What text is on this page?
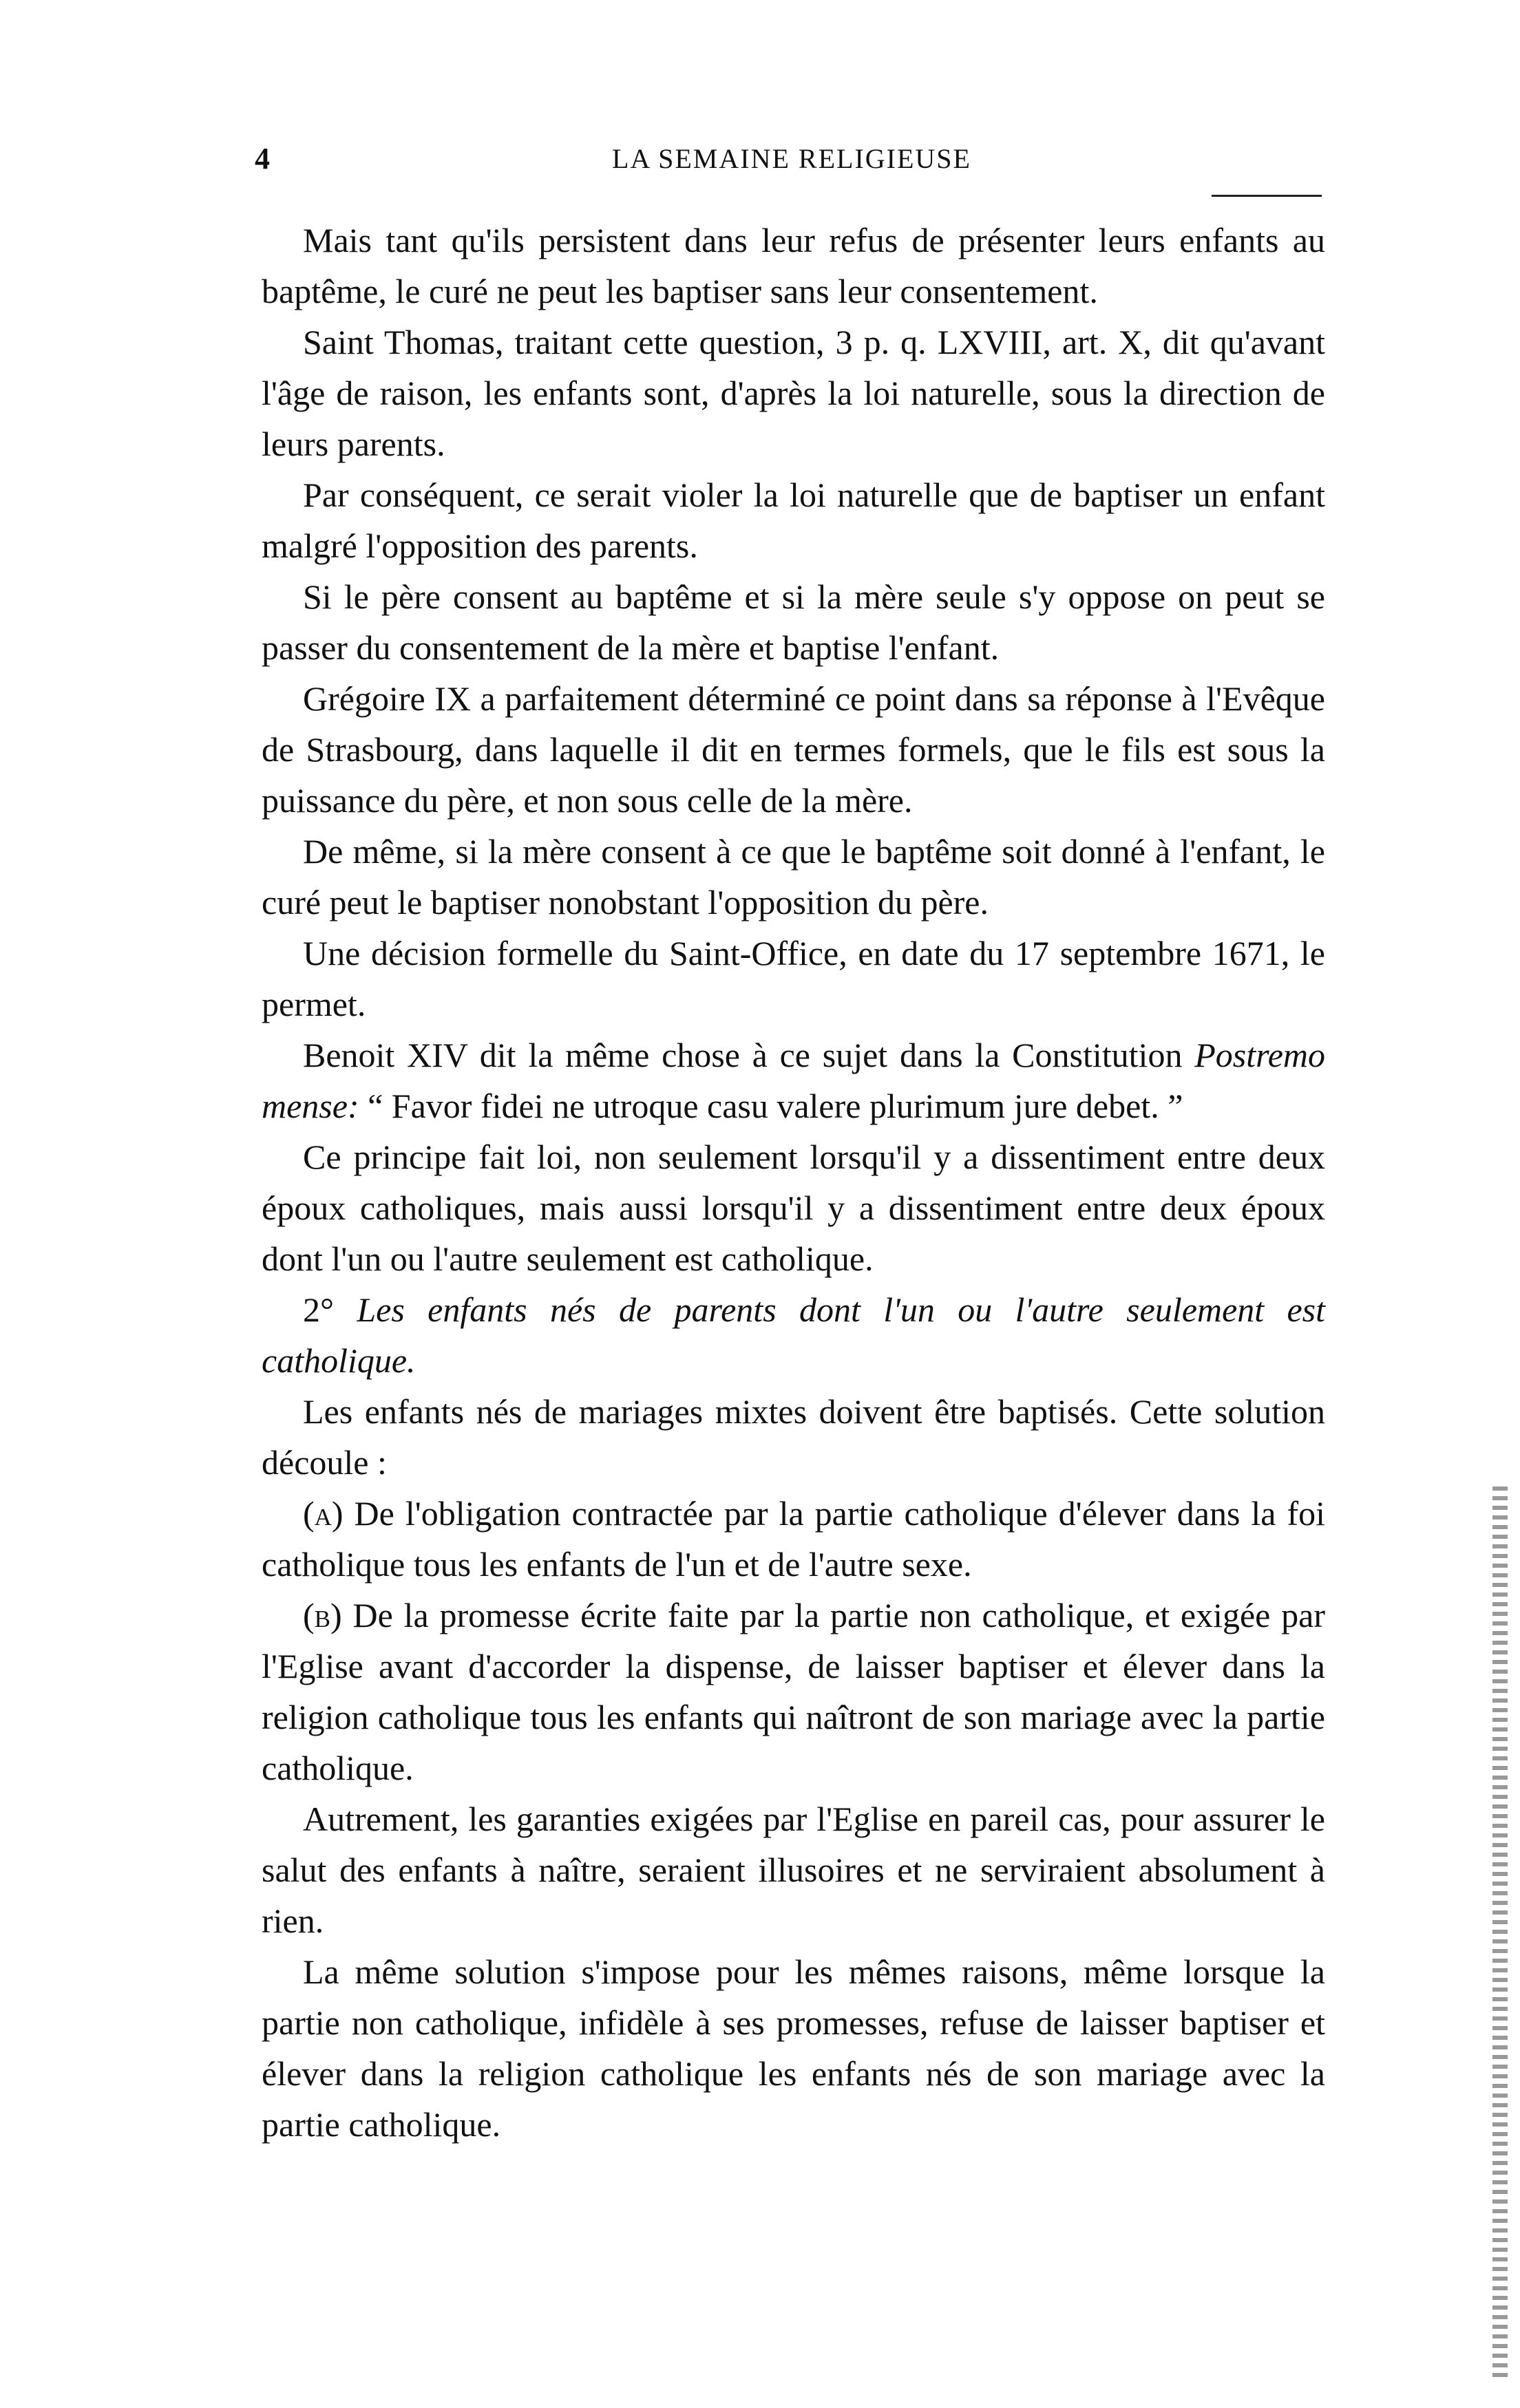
4	LA SEMAINE RELIGIEUSE

Mais tant qu'ils persistent dans leur refus de présenter leurs enfants au baptême, le curé ne peut les baptiser sans leur consentement.

Saint Thomas, traitant cette question, 3 p. q. LXVIII, art. X, dit qu'avant l'âge de raison, les enfants sont, d'après la loi naturelle, sous la direction de leurs parents.

Par conséquent, ce serait violer la loi naturelle que de baptiser un enfant malgré l'opposition des parents.

Si le père consent au baptême et si la mère seule s'y oppose on peut se passer du consentement de la mère et baptise l'enfant.

Grégoire IX a parfaitement déterminé ce point dans sa réponse à l'Evêque de Strasbourg, dans laquelle il dit en termes formels, que le fils est sous la puissance du père, et non sous celle de la mère.

De même, si la mère consent à ce que le baptême soit donné à l'enfant, le curé peut le baptiser nonobstant l'opposition du père.

Une décision formelle du Saint-Office, en date du 17 septembre 1671, le permet.

Benoit XIV dit la même chose à ce sujet dans la Constitution Postremo mense: “ Favor fidei ne utroque casu valere plurimum jure debet. ”

Ce principe fait loi, non seulement lorsqu'il y a dissentiment entre deux époux catholiques, mais aussi lorsqu'il y a dissentiment entre deux époux dont l'un ou l'autre seulement est catholique.

2° Les enfants nés de parents dont l'un ou l'autre seulement est catholique.

Les enfants nés de mariages mixtes doivent être baptisés. Cette solution découle :

(a) De l'obligation contractée par la partie catholique d'élever dans la foi catholique tous les enfants de l'un et de l'autre sexe.

(b) De la promesse écrite faite par la partie non catholique, et exigée par l'Eglise avant d'accorder la dispense, de laisser baptiser et élever dans la religion catholique tous les enfants qui naîtront de son mariage avec la partie catholique.

Autrement, les garanties exigées par l'Eglise en pareil cas, pour assurer le salut des enfants à naître, seraient illusoires et ne serviraient absolument à rien.

La même solution s'impose pour les mêmes raisons, même lorsque la partie non catholique, infidèle à ses promesses, refuse de laisser baptiser et élever dans la religion catholique les enfants nés de son mariage avec la partie catholique.
